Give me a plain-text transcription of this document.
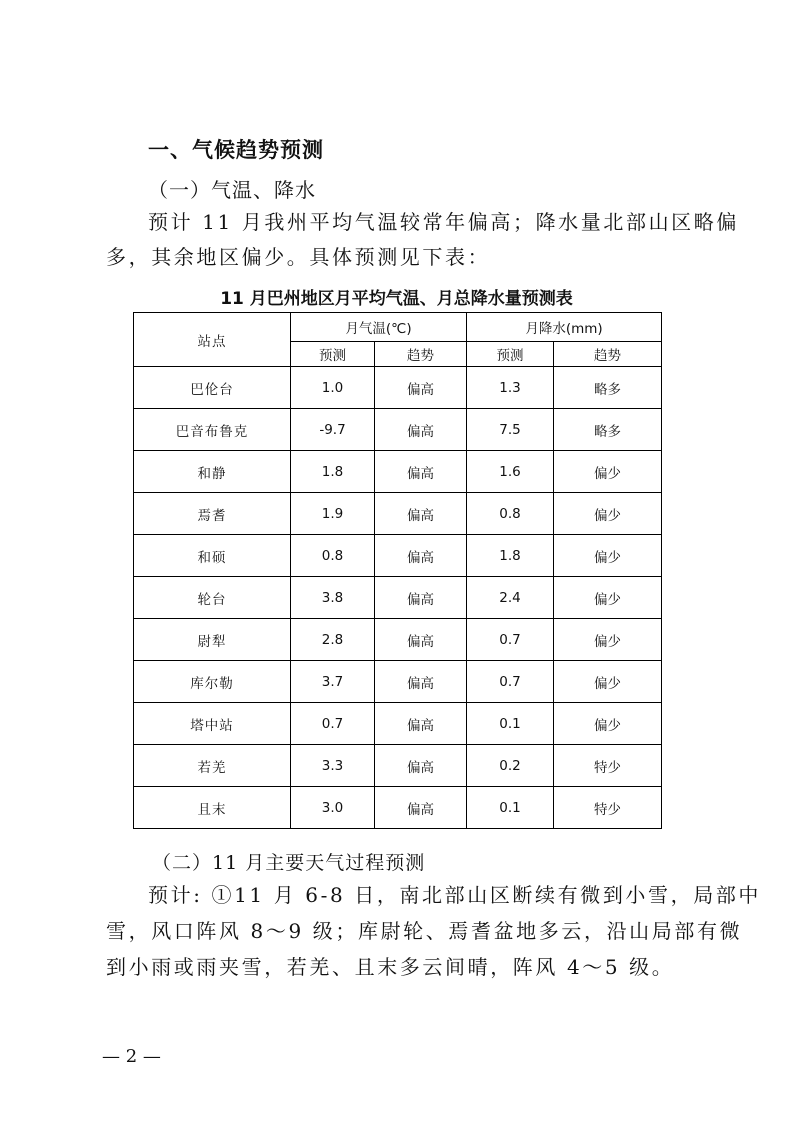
一、气候趋势预测
（一）气温、降水
预计 11 月我州平均气温较常年偏高；降水量北部山区略偏
多，其余地区偏少。具体预测见下表：
11 月巴州地区月平均气温、月总降水量预测表
站点	月气温(℃)		月降水(mm)	
	预测	趋势	预测	趋势
巴伦台	1.0	偏高	1.3	略多
巴音布鲁克	-9.7	偏高	7.5	略多
和静	1.8	偏高	1.6	偏少
焉耆	1.9	偏高	0.8	偏少
和硕	0.8	偏高	1.8	偏少
轮台	3.8	偏高	2.4	偏少
尉犁	2.8	偏高	0.7	偏少
库尔勒	3.7	偏高	0.7	偏少
塔中站	0.7	偏高	0.1	偏少
若羌	3.3	偏高	0.2	特少
且末	3.0	偏高	0.1	特少
（二）11 月主要天气过程预测
预计: ①11 月 6-8 日，南北部山区断续有微到小雪，局部中
雪，风口阵风 8～9 级；库尉轮、焉耆盆地多云，沿山局部有微
到小雨或雨夹雪，若羌、且末多云间晴，阵风 4～5 级。
— 2 —
